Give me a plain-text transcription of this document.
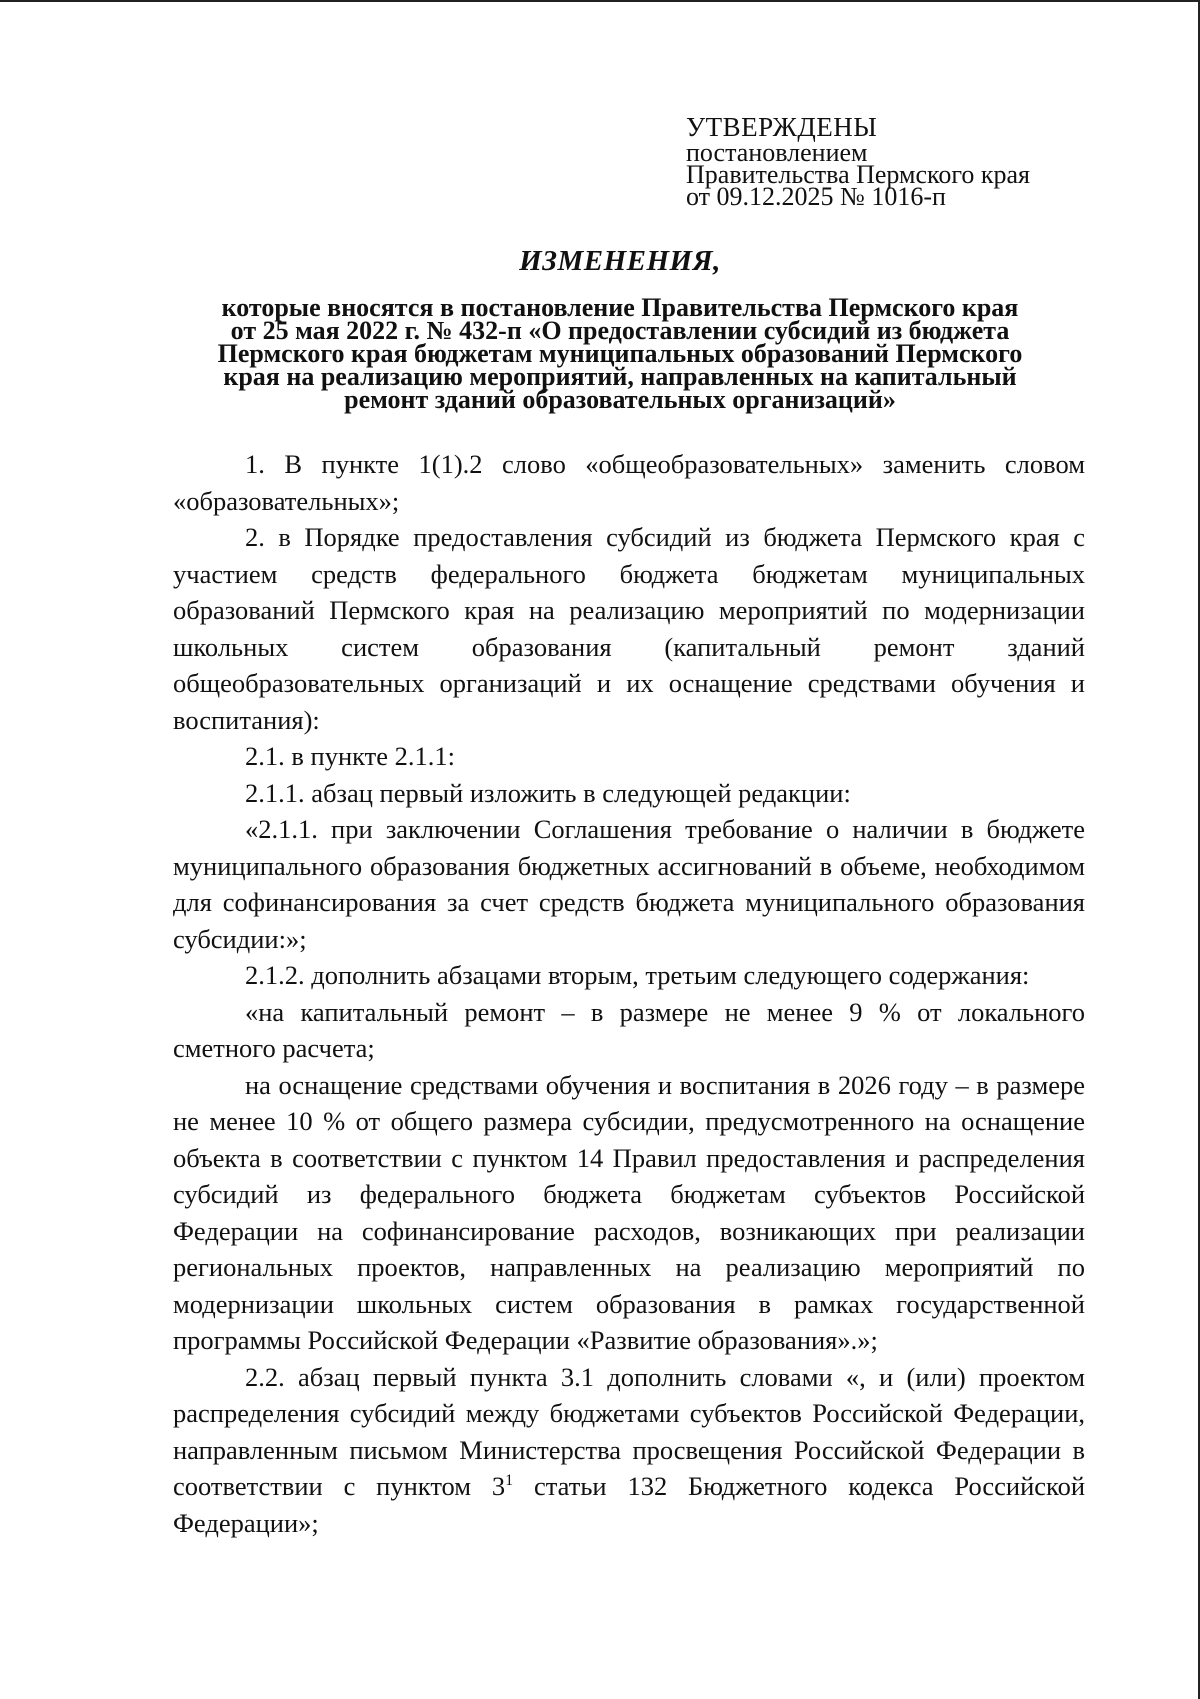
УТВЕРЖДЕНЫ
постановлением
Правительства Пермского края
от 09.12.2025 № 1016-п
ИЗМЕНЕНИЯ,
которые вносятся в постановление Правительства Пермского края
от 25 мая 2022 г. № 432-п «О предоставлении субсидий из бюджета
Пермского края бюджетам муниципальных образований Пермского
края на реализацию мероприятий, направленных на капитальный
ремонт зданий образовательных организаций»

1. В пункте 1(1).2 слово «общеобразовательных» заменить словом «образовательных»;

2. в Порядке предоставления субсидий из бюджета Пермского края с участием средств федерального бюджета бюджетам муниципальных образований Пермского края на реализацию мероприятий по модернизации школьных систем образования (капитальный ремонт зданий общеобразовательных организаций и их оснащение средствами обучения и воспитания):

2.1. в пункте 2.1.1:

2.1.1. абзац первый изложить в следующей редакции:

«2.1.1. при заключении Соглашения требование о наличии в бюджете муниципального образования бюджетных ассигнований в объеме, необходимом для софинансирования за счет средств бюджета муниципального образования субсидии:»;

2.1.2. дополнить абзацами вторым, третьим следующего содержания:

«на капитальный ремонт – в размере не менее 9 % от локального сметного расчета;

на оснащение средствами обучения и воспитания в 2026 году – в размере не менее 10 % от общего размера субсидии, предусмотренного на оснащение объекта в соответствии с пунктом 14 Правил предоставления и распределения субсидий из федерального бюджета бюджетам субъектов Российской Федерации на софинансирование расходов, возникающих при реализации региональных проектов, направленных на реализацию мероприятий по модернизации школьных систем образования в рамках государственной программы Российской Федерации «Развитие образования».»;

2.2. абзац первый пункта 3.1 дополнить словами «, и (или) проектом распределения субсидий между бюджетами субъектов Российской Федерации, направленным письмом Министерства просвещения Российской Федерации в соответствии с пунктом $3^1$ статьи 132 Бюджетного кодекса Российской Федерации»;
